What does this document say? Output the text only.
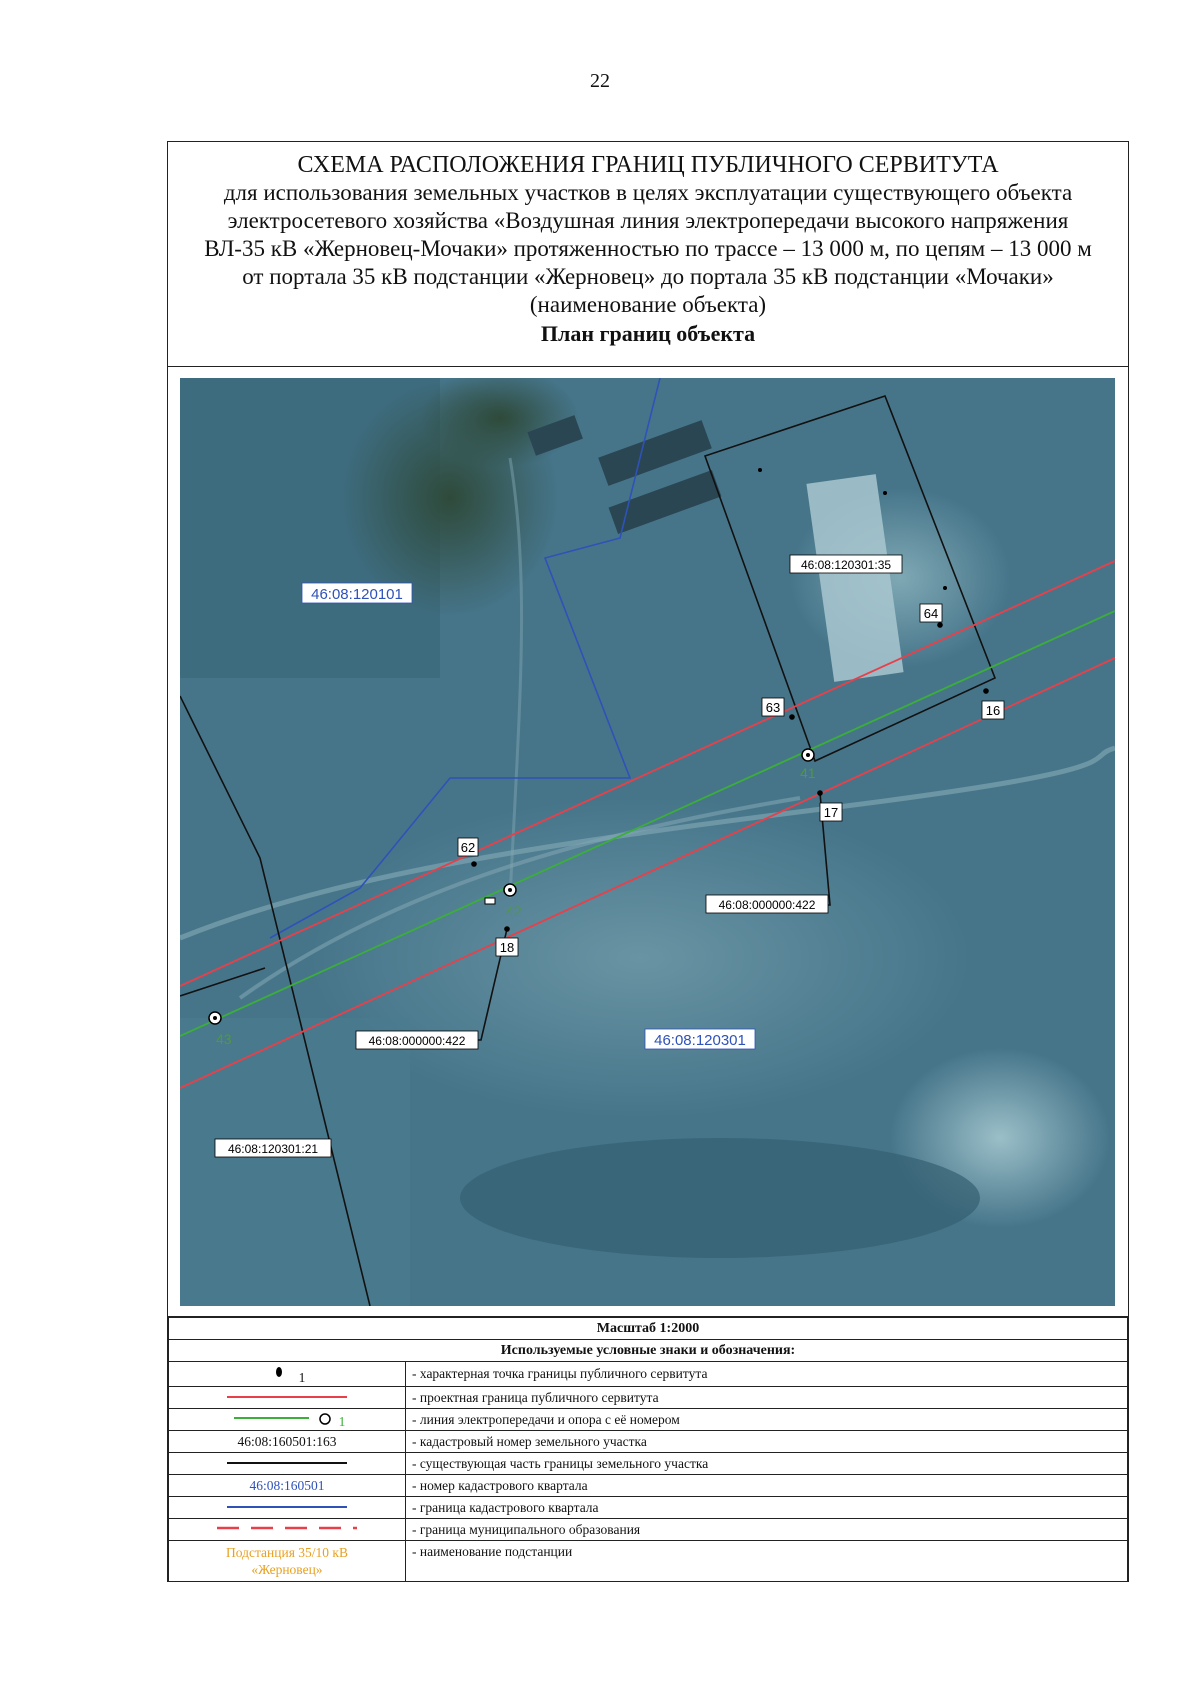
22
СХЕМА РАСПОЛОЖЕНИЯ ГРАНИЦ ПУБЛИЧНОГО СЕРВИТУТА
для использования земельных участков в целях эксплуатации существующего объекта
электросетевого хозяйства «Воздушная линия электропередачи высокого напряжения
ВЛ-35 кВ «Жерновец-Мочаки» протяженностью по трассе – 13 000 м, по цепям – 13 000 м
от портала 35 кВ подстанции «Жерновец» до портала 35 кВ подстанции «Мочаки»
(наименование объекта)
План границ объекта
41
42
43
62
63
64
16
17
18
46:08:120301:35
46:08:000000:422
46:08:000000:422
46:08:120301:21
46:08:120101
46:08:120301
Масштаб 1:2000	
Используемые условные знаки и обозначения:	
1	- характерная точка границы публичного сервитута
	- проектная граница публичного сервитута
1	- линия электропередачи и опора с её номером
46:08:160501:163	- кадастровый номер земельного участка
	- существующая часть границы земельного участка
46:08:160501	- номер кадастрового квартала
	- граница кадастрового квартала
	- граница муниципального образования

Подстанция 35/10 кВ
«Жерновец»	- наименование подстанции
